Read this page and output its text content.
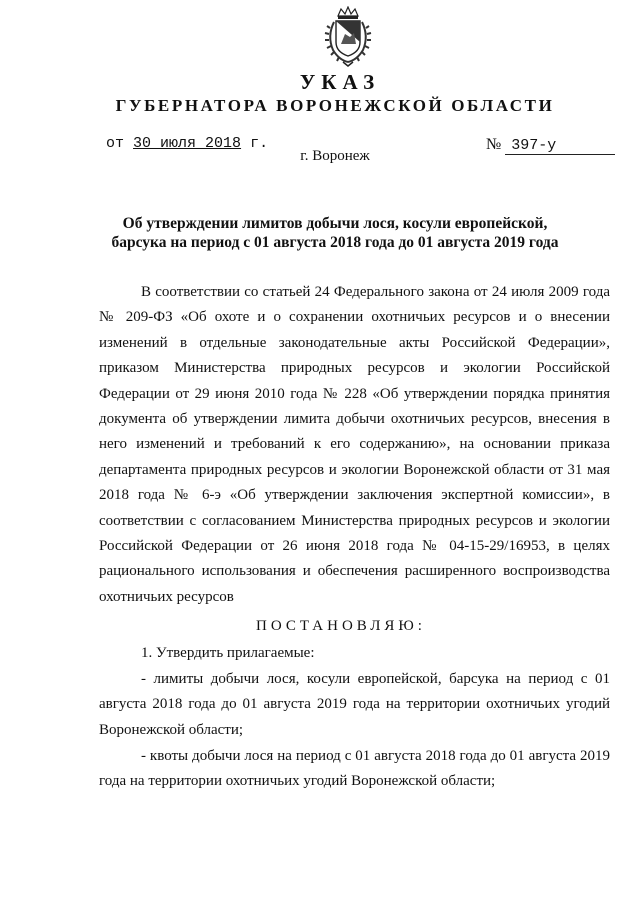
УКАЗ
ГУБЕРНАТОРА ВОРОНЕЖСКОЙ ОБЛАСТИ
от 30 июля 2018 г.	№ 397-у
г. Воронеж
Об утверждении лимитов добычи лося, косули европейской, барсука на период с 01 августа 2018 года до 01 августа 2019 года
В соответствии со статьей 24 Федерального закона от 24 июля 2009 года № 209-ФЗ «Об охоте и о сохранении охотничьих ресурсов и о внесении изменений в отдельные законодательные акты Российской Федерации», приказом Министерства природных ресурсов и экологии Российской Федерации от 29 июня 2010 года № 228 «Об утверждении порядка принятия документа об утверждении лимита добычи охотничьих ресурсов, внесения в него изменений и требований к его содержанию», на основании приказа департамента природных ресурсов и экологии Воронежской области от 31 мая 2018 года № 6-э «Об утверждении заключения экспертной комиссии», в соответствии с согласованием Министерства природных ресурсов и экологии Российской Федерации от 26 июня 2018 года № 04-15-29/16953, в целях рационального использования и обеспечения расширенного воспроизводства охотничьих ресурсов
ПОСТАНОВЛЯЮ:
1. Утвердить прилагаемые:
- лимиты добычи лося, косули европейской, барсука на период с 01 августа 2018 года до 01 августа 2019 года на территории охотничьих угодий Воронежской области;
- квоты добычи лося на период с 01 августа 2018 года до 01 августа 2019 года на территории охотничьих угодий Воронежской области;
